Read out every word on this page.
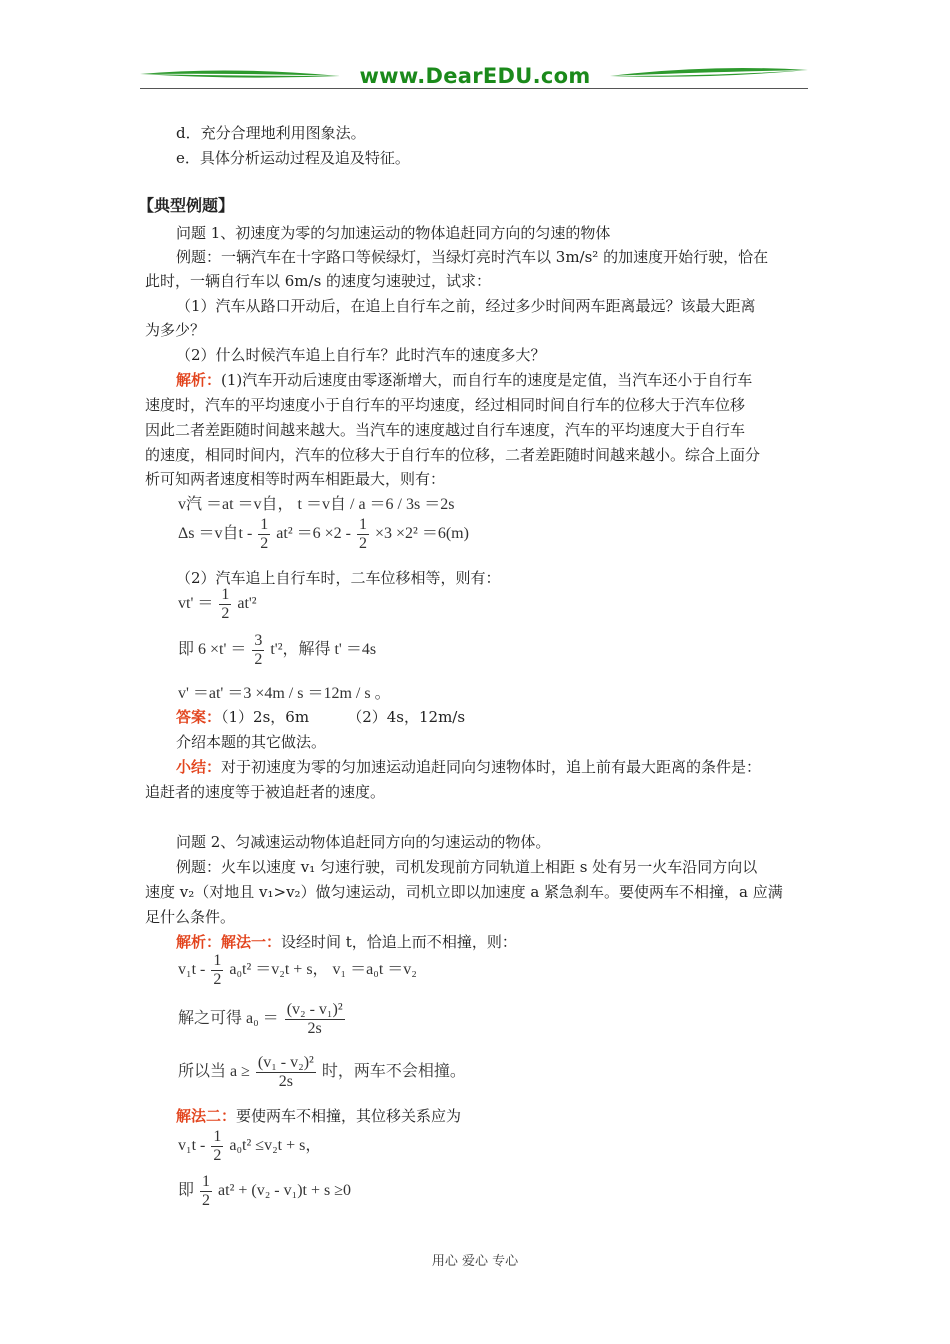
www.DearEDU.com
d．充分合理地利用图象法。
e．具体分析运动过程及追及特征。
【典型例题】
问题 1、初速度为零的匀加速运动的物体追赶同方向的匀速的物体
例题：一辆汽车在十字路口等候绿灯，当绿灯亮时汽车以 3m/s² 的加速度开始行驶，恰在
此时，一辆自行车以 6m/s 的速度匀速驶过，试求：
（1）汽车从路口开动后，在追上自行车之前，经过多少时间两车距离最远？该最大距离
为多少？
（2）什么时候汽车追上自行车？此时汽车的速度多大？
解析：(1)汽车开动后速度由零逐渐增大，而自行车的速度是定值，当汽车还小于自行车
速度时，汽车的平均速度小于自行车的平均速度，经过相同时间自行车的位移大于汽车位移
因此二者差距随时间越来越大。当汽车的速度越过自行车速度，汽车的平均速度大于自行车
的速度，相同时间内，汽车的位移大于自行车的位移，二者差距随时间越来越小。综合上面分
析可知两者速度相等时两车相距最大，则有：
v汽 ＝at ＝v自， t ＝v自 / a ＝6 / 3s ＝2s
Δs ＝v自$t - \frac{1}{2} at^2 =6 \times 2 - \frac{1}{2} \times 3 \times 2^2 =6(m)$
（2）汽车追上自行车时，二车位移相等，则有：
$vt' = \frac{1}{2} at'^2$
即 $6 \times t' = \frac{3}{2} t'^2$，解得 t' ＝4s
v' ＝at' ＝3 ×4m / s ＝12m / s 。
答案：（1）2s，6m        （2）4s，12m/s
介绍本题的其它做法。
小结：对于初速度为零的匀加速运动追赶同向匀速物体时，追上前有最大距离的条件是：
追赶者的速度等于被追赶者的速度。
问题 2、匀减速运动物体追赶同方向的匀速运动的物体。
例题：火车以速度 v₁ 匀速行驶，司机发现前方同轨道上相距 s 处有另一火车沿同方向以
速度 v₂（对地且 v₁>v₂）做匀速运动，司机立即以加速度 a 紧急刹车。要使两车不相撞，a 应满
足什么条件。
解析：解法一：设经时间 t，恰追上而不相撞，则：
$v_1t - \frac{1}{2} a_0t^2 =v_2t + s$， v₁ ＝a₀t ＝v₂
解之可得 $a_0 = \frac{\text{(v₂ - v₁)²}}{2s}$
所以当 $a \ge \frac{\text{(v₁ - v₂)²}}{2s}$ 时，两车不会相撞。
解法二：要使两车不相撞，其位移关系应为
$v_1t - \frac{1}{2} a_0t^2 \le v_2t + s$，
即 $\frac{1}{2} at^2 + (v_2 - v_1)t + s \ge 0$
用心 爱心 专心
